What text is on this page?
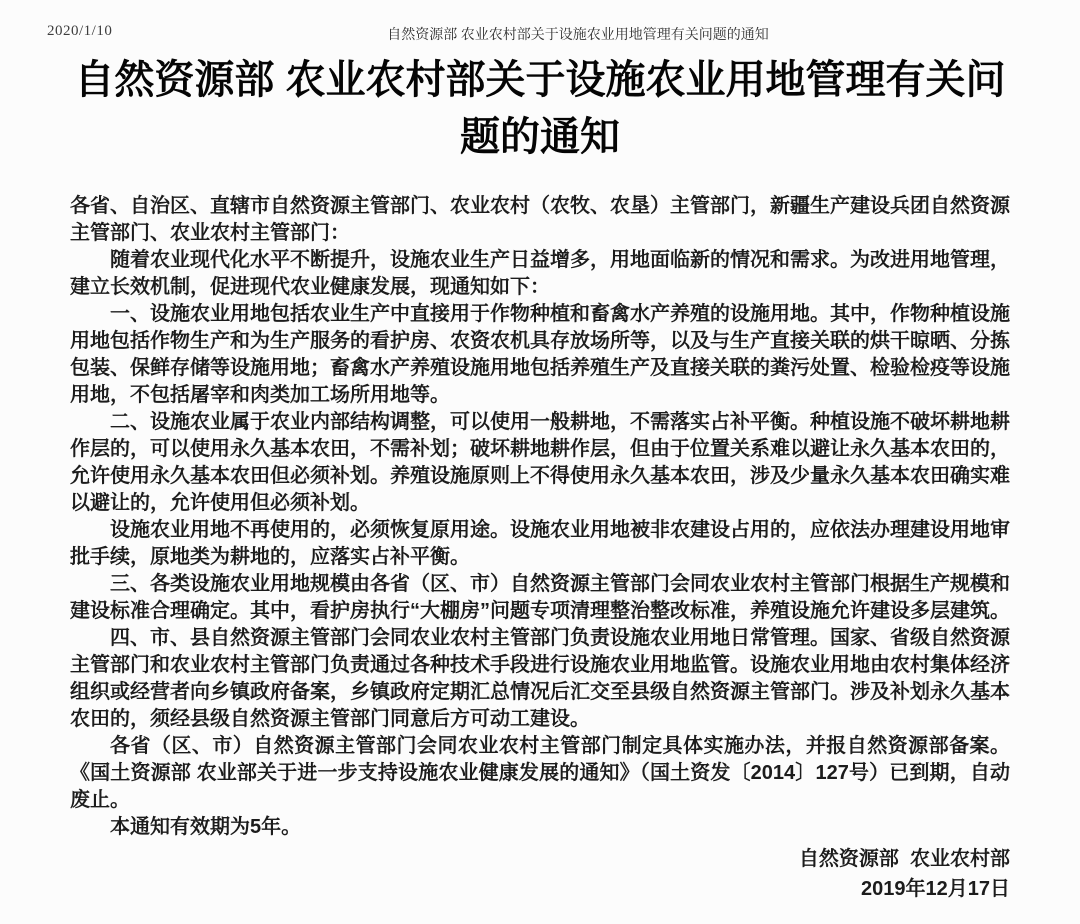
2020/1/10	自然资源部 农业农村部关于设施农业用地管理有关问题的通知
自然资源部 农业农村部关于设施农业用地管理有关问题的通知

各省、自治区、直辖市自然资源主管部门、农业农村（农牧、农垦）主管部门，新疆生产建设兵团自然资源主管部门、农业农村主管部门：

随着农业现代化水平不断提升，设施农业生产日益增多，用地面临新的情况和需求。为改进用地管理，建立长效机制，促进现代农业健康发展，现通知如下：

一、设施农业用地包括农业生产中直接用于作物种植和畜禽水产养殖的设施用地。其中，作物种植设施用地包括作物生产和为生产服务的看护房、农资农机具存放场所等，以及与生产直接关联的烘干晾晒、分拣包装、保鲜存储等设施用地；畜禽水产养殖设施用地包括养殖生产及直接关联的粪污处置、检验检疫等设施用地，不包括屠宰和肉类加工场所用地等。

二、设施农业属于农业内部结构调整，可以使用一般耕地，不需落实占补平衡。种植设施不破坏耕地耕作层的，可以使用永久基本农田，不需补划；破坏耕地耕作层，但由于位置关系难以避让永久基本农田的，允许使用永久基本农田但必须补划。养殖设施原则上不得使用永久基本农田，涉及少量永久基本农田确实难以避让的，允许使用但必须补划。

设施农业用地不再使用的，必须恢复原用途。设施农业用地被非农建设占用的，应依法办理建设用地审批手续，原地类为耕地的，应落实占补平衡。

三、各类设施农业用地规模由各省（区、市）自然资源主管部门会同农业农村主管部门根据生产规模和建设标准合理确定。其中，看护房执行“大棚房”问题专项清理整治整改标准，养殖设施允许建设多层建筑。

四、市、县自然资源主管部门会同农业农村主管部门负责设施农业用地日常管理。国家、省级自然资源主管部门和农业农村主管部门负责通过各种技术手段进行设施农业用地监管。设施农业用地由农村集体经济组织或经营者向乡镇政府备案，乡镇政府定期汇总情况后汇交至县级自然资源主管部门。涉及补划永久基本农田的，须经县级自然资源主管部门同意后方可动工建设。

各省（区、市）自然资源主管部门会同农业农村主管部门制定具体实施办法，并报自然资源部备案。《国土资源部 农业部关于进一步支持设施农业健康发展的通知》（国土资发〔2014〕127号）已到期，自动废止。

本通知有效期为5年。

自然资源部  农业农村部

2019年12月17日
